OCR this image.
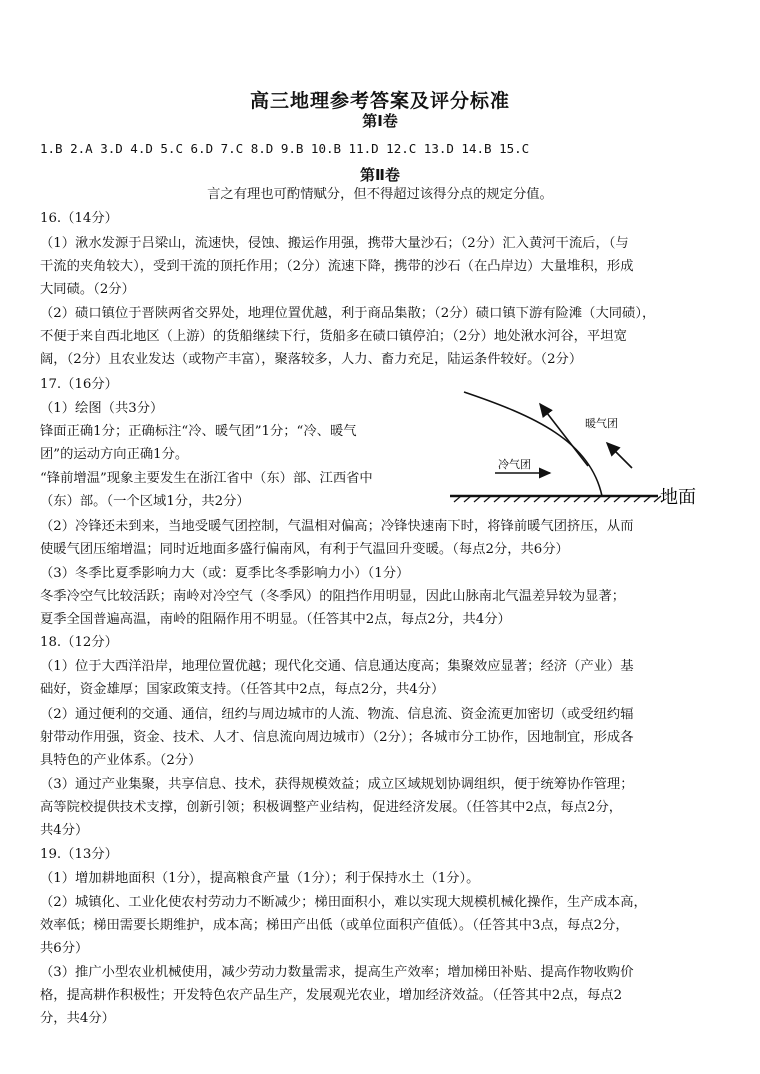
高三地理参考答案及评分标准
第Ⅰ卷
1.B 2.A 3.D 4.D 5.C 6.D 7.C 8.D 9.B 10.B 11.D 12.C 13.D 14.B 15.C
第Ⅱ卷
言之有理也可酌情赋分，但不得超过该得分点的规定分值。
16.（14分）
（1）湫水发源于吕梁山，流速快，侵蚀、搬运作用强，携带大量沙石；（2分）汇入黄河干流后，（与
干流的夹角较大），受到干流的顶托作用；（2分）流速下降，携带的沙石（在凸岸边）大量堆积，形成
大同碛。（2分）
（2）碛口镇位于晋陕两省交界处，地理位置优越，利于商品集散；（2分）碛口镇下游有险滩（大同碛），
不便于来自西北地区（上游）的货船继续下行，货船多在碛口镇停泊；（2分）地处湫水河谷，平坦宽
阔，（2分）且农业发达（或物产丰富），聚落较多，人力、畜力充足，陆运条件较好。（2分）
17.（16分）
（1）绘图（共3分）
锋面正确1分；正确标注“冷、暖气团”1分；“冷、暖气
团”的运动方向正确1分。
“锋前增温”现象主要发生在浙江省中（东）部、江西省中
（东）部。（一个区域1分，共2分）
暖气团
冷气团
地面
（2）冷锋还未到来，当地受暖气团控制，气温相对偏高；冷锋快速南下时，将锋前暖气团挤压，从而
使暖气团压缩增温；同时近地面多盛行偏南风，有利于气温回升变暖。（每点2分，共6分）
（3）冬季比夏季影响力大（或：夏季比冬季影响力小）（1分）
冬季冷空气比较活跃；南岭对冷空气（冬季风）的阻挡作用明显，因此山脉南北气温差异较为显著；
夏季全国普遍高温，南岭的阻隔作用不明显。（任答其中2点，每点2分，共4分）
18.（12分）
（1）位于大西洋沿岸，地理位置优越；现代化交通、信息通达度高；集聚效应显著；经济（产业）基
础好，资金雄厚；国家政策支持。（任答其中2点，每点2分，共4分）
（2）通过便利的交通、通信，纽约与周边城市的人流、物流、信息流、资金流更加密切（或受纽约辐
射带动作用强，资金、技术、人才、信息流向周边城市）（2分）；各城市分工协作，因地制宜，形成各
具特色的产业体系。（2分）
（3）通过产业集聚，共享信息、技术，获得规模效益；成立区域规划协调组织，便于统筹协作管理；
高等院校提供技术支撑，创新引领；积极调整产业结构，促进经济发展。（任答其中2点，每点2分，
共4分）
19.（13分）
（1）增加耕地面积（1分），提高粮食产量（1分）；利于保持水土（1分）。
（2）城镇化、工业化使农村劳动力不断减少；梯田面积小，难以实现大规模机械化操作，生产成本高，
效率低；梯田需要长期维护，成本高；梯田产出低（或单位面积产值低）。（任答其中3点，每点2分，
共6分）
（3）推广小型农业机械使用，减少劳动力数量需求，提高生产效率；增加梯田补贴、提高作物收购价
格，提高耕作积极性；开发特色农产品生产，发展观光农业，增加经济效益。（任答其中2点，每点2
分，共4分）
